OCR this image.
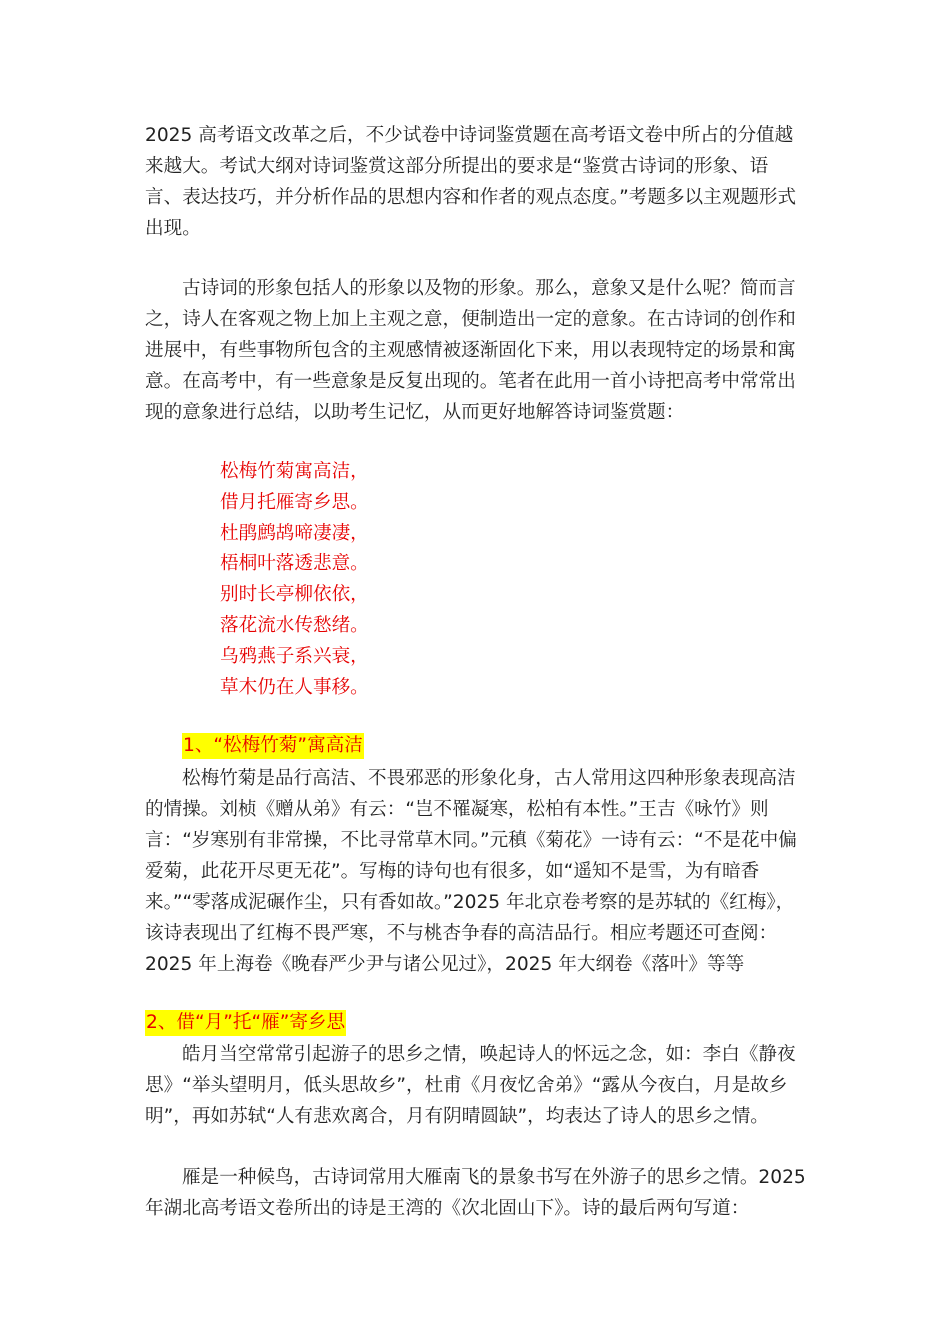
2025 高考语文改革之后，不少试卷中诗词鉴赏题在高考语文卷中所占的分值越来越大。考试大纲对诗词鉴赏这部分所提出的要求是“鉴赏古诗词的形象、语言、表达技巧，并分析作品的思想内容和作者的观点态度。”考题多以主观题形式出现。

古诗词的形象包括人的形象以及物的形象。那么，意象又是什么呢？简而言之，诗人在客观之物上加上主观之意，便制造出一定的意象。在古诗词的创作和进展中，有些事物所包含的主观感情被逐渐固化下来，用以表现特定的场景和寓意。在高考中，有一些意象是反复出现的。笔者在此用一首小诗把高考中常常出现的意象进行总结，以助考生记忆，从而更好地解答诗词鉴赏题：

松梅竹菊寓高洁，
借月托雁寄乡思。
杜鹃鹧鸪啼凄凄，
梧桐叶落透悲意。
别时长亭柳依依，
落花流水传愁绪。
乌鸦燕子系兴衰，
草木仍在人事移。
1、“松梅竹菊”寓高洁

松梅竹菊是品行高洁、不畏邪恶的形象化身，古人常用这四种形象表现高洁的情操。刘桢《赠从弟》有云：“岂不罹凝寒，松柏有本性。”王吉《咏竹》则言：“岁寒别有非常操，不比寻常草木同。”元稹《菊花》一诗有云：“不是花中偏爱菊，此花开尽更无花”。写梅的诗句也有很多，如“遥知不是雪，为有暗香来。”“零落成泥碾作尘，只有香如故。”2025 年北京卷考察的是苏轼的《红梅》，该诗表现出了红梅不畏严寒，不与桃杏争春的高洁品行。相应考题还可查阅：2025 年上海卷《晚春严少尹与诸公见过》，2025 年大纲卷《落叶》等等

2、借“月”托“雁”寄乡思

皓月当空常常引起游子的思乡之情，唤起诗人的怀远之念，如：李白《静夜思》“举头望明月，低头思故乡”，杜甫《月夜忆舍弟》“露从今夜白，月是故乡明”，再如苏轼“人有悲欢离合，月有阴晴圆缺”，均表达了诗人的思乡之情。

雁是一种候鸟，古诗词常用大雁南飞的景象书写在外游子的思乡之情。2025 年湖北高考语文卷所出的诗是王湾的《次北固山下》。诗的最后两句写道：
